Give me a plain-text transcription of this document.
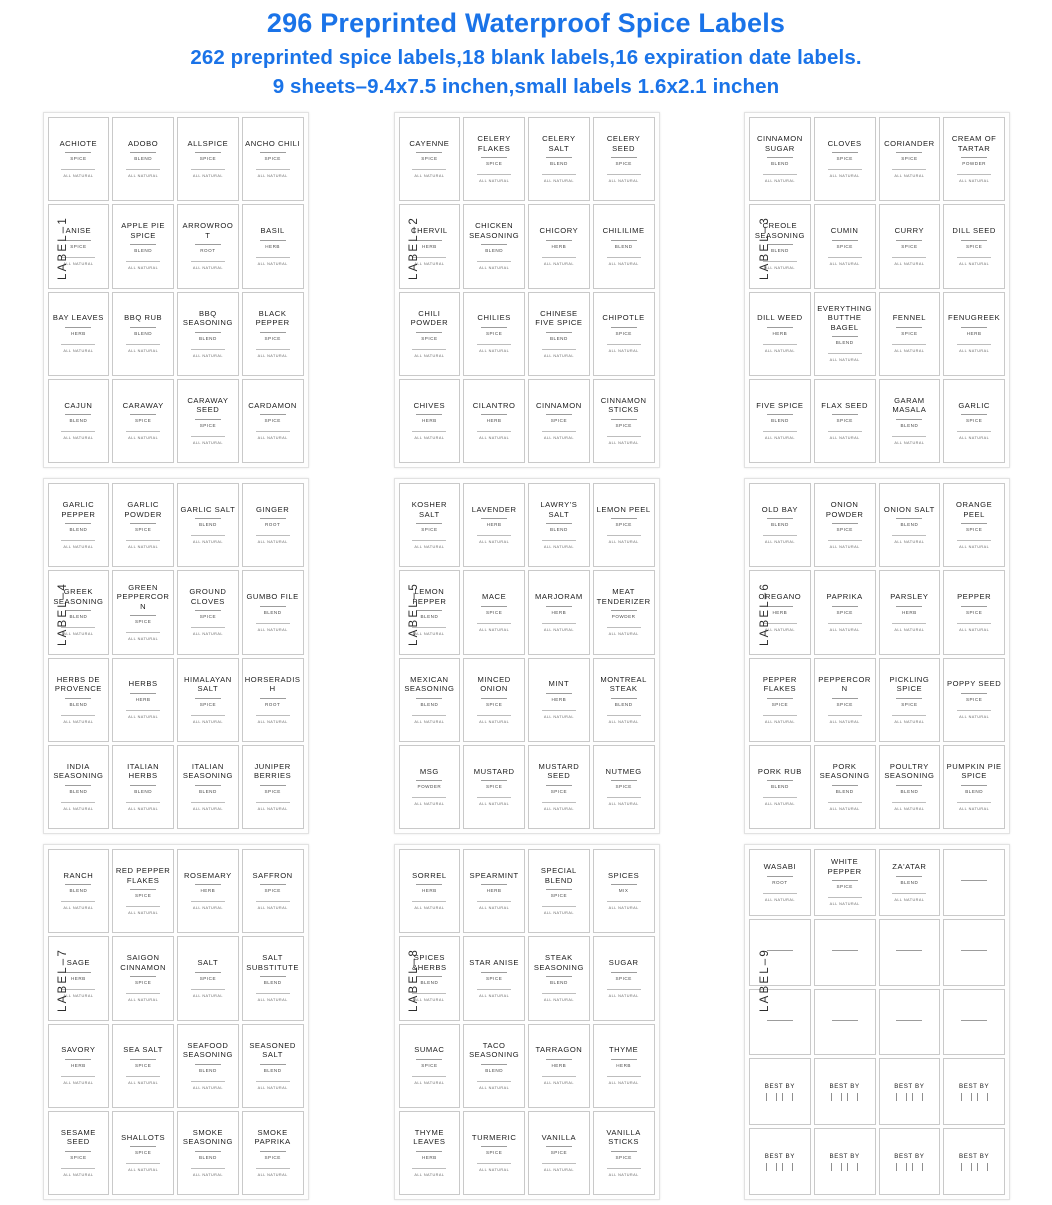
296 Preprinted Waterproof Spice Labels
262 preprinted spice labels,18 blank labels,16 expiration date labels.
9 sheets–9.4x7.5 inchen,small labels 1.6x2.1 inchen
LABEL–1
ACHIOTE
SPICE
ALL NATURAL
ADOBO
BLEND
ALL NATURAL
ALLSPICE
SPICE
ALL NATURAL
ANCHO CHILI
SPICE
ALL NATURAL
ANISE
SPICE
ALL NATURAL
APPLE PIE SPICE
BLEND
ALL NATURAL
ARROWROOT
ROOT
ALL NATURAL
BASIL
HERB
ALL NATURAL
BAY LEAVES
HERB
ALL NATURAL
BBQ RUB
BLEND
ALL NATURAL
BBQ SEASONING
BLEND
ALL NATURAL
BLACK PEPPER
SPICE
ALL NATURAL
CAJUN
BLEND
ALL NATURAL
CARAWAY
SPICE
ALL NATURAL
CARAWAY SEED
SPICE
ALL NATURAL
CARDAMON
SPICE
ALL NATURAL
LABEL–2
CAYENNE
SPICE
ALL NATURAL
CELERY FLAKES
SPICE
ALL NATURAL
CELERY SALT
BLEND
ALL NATURAL
CELERY SEED
SPICE
ALL NATURAL
CHERVIL
HERB
ALL NATURAL
CHICKEN SEASONING
BLEND
ALL NATURAL
CHICORY
HERB
ALL NATURAL
CHILILIME
BLEND
ALL NATURAL
CHILI POWDER
SPICE
ALL NATURAL
CHILIES
SPICE
ALL NATURAL
CHINESE FIVE SPICE
BLEND
ALL NATURAL
CHIPOTLE
SPICE
ALL NATURAL
CHIVES
HERB
ALL NATURAL
CILANTRO
HERB
ALL NATURAL
CINNAMON
SPICE
ALL NATURAL
CINNAMON STICKS
SPICE
ALL NATURAL
LABEL–3
CINNAMON SUGAR
BLEND
ALL NATURAL
CLOVES
SPICE
ALL NATURAL
CORIANDER
SPICE
ALL NATURAL
CREAM OF TARTAR
POWDER
ALL NATURAL
CREOLE SEASONING
BLEND
ALL NATURAL
CUMIN
SPICE
ALL NATURAL
CURRY
SPICE
ALL NATURAL
DILL SEED
SPICE
ALL NATURAL
DILL WEED
HERB
ALL NATURAL
EVERYTHING BUTTHE BAGEL
BLEND
ALL NATURAL
FENNEL
SPICE
ALL NATURAL
FENUGREEK
HERB
ALL NATURAL
FIVE SPICE
BLEND
ALL NATURAL
FLAX SEED
SPICE
ALL NATURAL
GARAM MASALA
BLEND
ALL NATURAL
GARLIC
SPICE
ALL NATURAL
LABEL–4
GARLIC PEPPER
BLEND
ALL NATURAL
GARLIC POWDER
SPICE
ALL NATURAL
GARLIC SALT
BLEND
ALL NATURAL
GINGER
ROOT
ALL NATURAL
GREEK SEASONING
BLEND
ALL NATURAL
GREEN PEPPERCORN
SPICE
ALL NATURAL
GROUND CLOVES
SPICE
ALL NATURAL
GUMBO FILE
BLEND
ALL NATURAL
HERBS DE PROVENCE
BLEND
ALL NATURAL
HERBS
HERB
ALL NATURAL
HIMALAYAN SALT
SPICE
ALL NATURAL
HORSERADISH
ROOT
ALL NATURAL
INDIA SEASONING
BLEND
ALL NATURAL
ITALIAN HERBS
BLEND
ALL NATURAL
ITALIAN SEASONING
BLEND
ALL NATURAL
JUNIPER BERRIES
SPICE
ALL NATURAL
LABEL–5
KOSHER SALT
SPICE
ALL NATURAL
LAVENDER
HERB
ALL NATURAL
LAWRY'S SALT
BLEND
ALL NATURAL
LEMON PEEL
SPICE
ALL NATURAL
LEMON PEPPER
BLEND
ALL NATURAL
MACE
SPICE
ALL NATURAL
MARJORAM
HERB
ALL NATURAL
MEAT TENDERIZER
POWDER
ALL NATURAL
MEXICAN SEASONING
BLEND
ALL NATURAL
MINCED ONION
SPICE
ALL NATURAL
MINT
HERB
ALL NATURAL
MONTREAL STEAK
BLEND
ALL NATURAL
MSG
POWDER
ALL NATURAL
MUSTARD
SPICE
ALL NATURAL
MUSTARD SEED
SPICE
ALL NATURAL
NUTMEG
SPICE
ALL NATURAL
LABEL–6
OLD BAY
BLEND
ALL NATURAL
ONION POWDER
SPICE
ALL NATURAL
ONION SALT
BLEND
ALL NATURAL
ORANGE PEEL
SPICE
ALL NATURAL
OREGANO
HERB
ALL NATURAL
PAPRIKA
SPICE
ALL NATURAL
PARSLEY
HERB
ALL NATURAL
PEPPER
SPICE
ALL NATURAL
PEPPER FLAKES
SPICE
ALL NATURAL
PEPPERCORN
SPICE
ALL NATURAL
PICKLING SPICE
SPICE
ALL NATURAL
POPPY SEED
SPICE
ALL NATURAL
PORK RUB
BLEND
ALL NATURAL
PORK SEASONING
BLEND
ALL NATURAL
POULTRY SEASONING
BLEND
ALL NATURAL
PUMPKIN PIE SPICE
BLEND
ALL NATURAL
LABEL–7
RANCH
BLEND
ALL NATURAL
RED PEPPER FLAKES
SPICE
ALL NATURAL
ROSEMARY
HERB
ALL NATURAL
SAFFRON
SPICE
ALL NATURAL
SAGE
HERB
ALL NATURAL
SAIGON CINNAMON
SPICE
ALL NATURAL
SALT
SPICE
ALL NATURAL
SALT SUBSTITUTE
BLEND
ALL NATURAL
SAVORY
HERB
ALL NATURAL
SEA SALT
SPICE
ALL NATURAL
SEAFOOD SEASONING
BLEND
ALL NATURAL
SEASONED SALT
BLEND
ALL NATURAL
SESAME SEED
SPICE
ALL NATURAL
SHALLOTS
SPICE
ALL NATURAL
SMOKE SEASONING
BLEND
ALL NATURAL
SMOKE PAPRIKA
SPICE
ALL NATURAL
LABEL–8
SORREL
HERB
ALL NATURAL
SPEARMINT
HERB
ALL NATURAL
SPECIAL BLEND
SPICE
ALL NATURAL
SPICES
MIX
ALL NATURAL
SPICES &HERBS
BLEND
ALL NATURAL
STAR ANISE
SPICE
ALL NATURAL
STEAK SEASONING
BLEND
ALL NATURAL
SUGAR
SPICE
ALL NATURAL
SUMAC
SPICE
ALL NATURAL
TACO SEASONING
BLEND
ALL NATURAL
TARRAGON
HERB
ALL NATURAL
THYME
HERB
ALL NATURAL
THYME LEAVES
HERB
ALL NATURAL
TURMERIC
SPICE
ALL NATURAL
VANILLA
SPICE
ALL NATURAL
VANILLA STICKS
SPICE
ALL NATURAL
LABEL–9
WASABI
ROOT
ALL NATURAL
WHITE PEPPER
SPICE
ALL NATURAL
ZA'ATAR
BLEND
ALL NATURAL
BEST BY	BEST BY	BEST BY	BEST BY
BEST BY	BEST BY	BEST BY	BEST BY
